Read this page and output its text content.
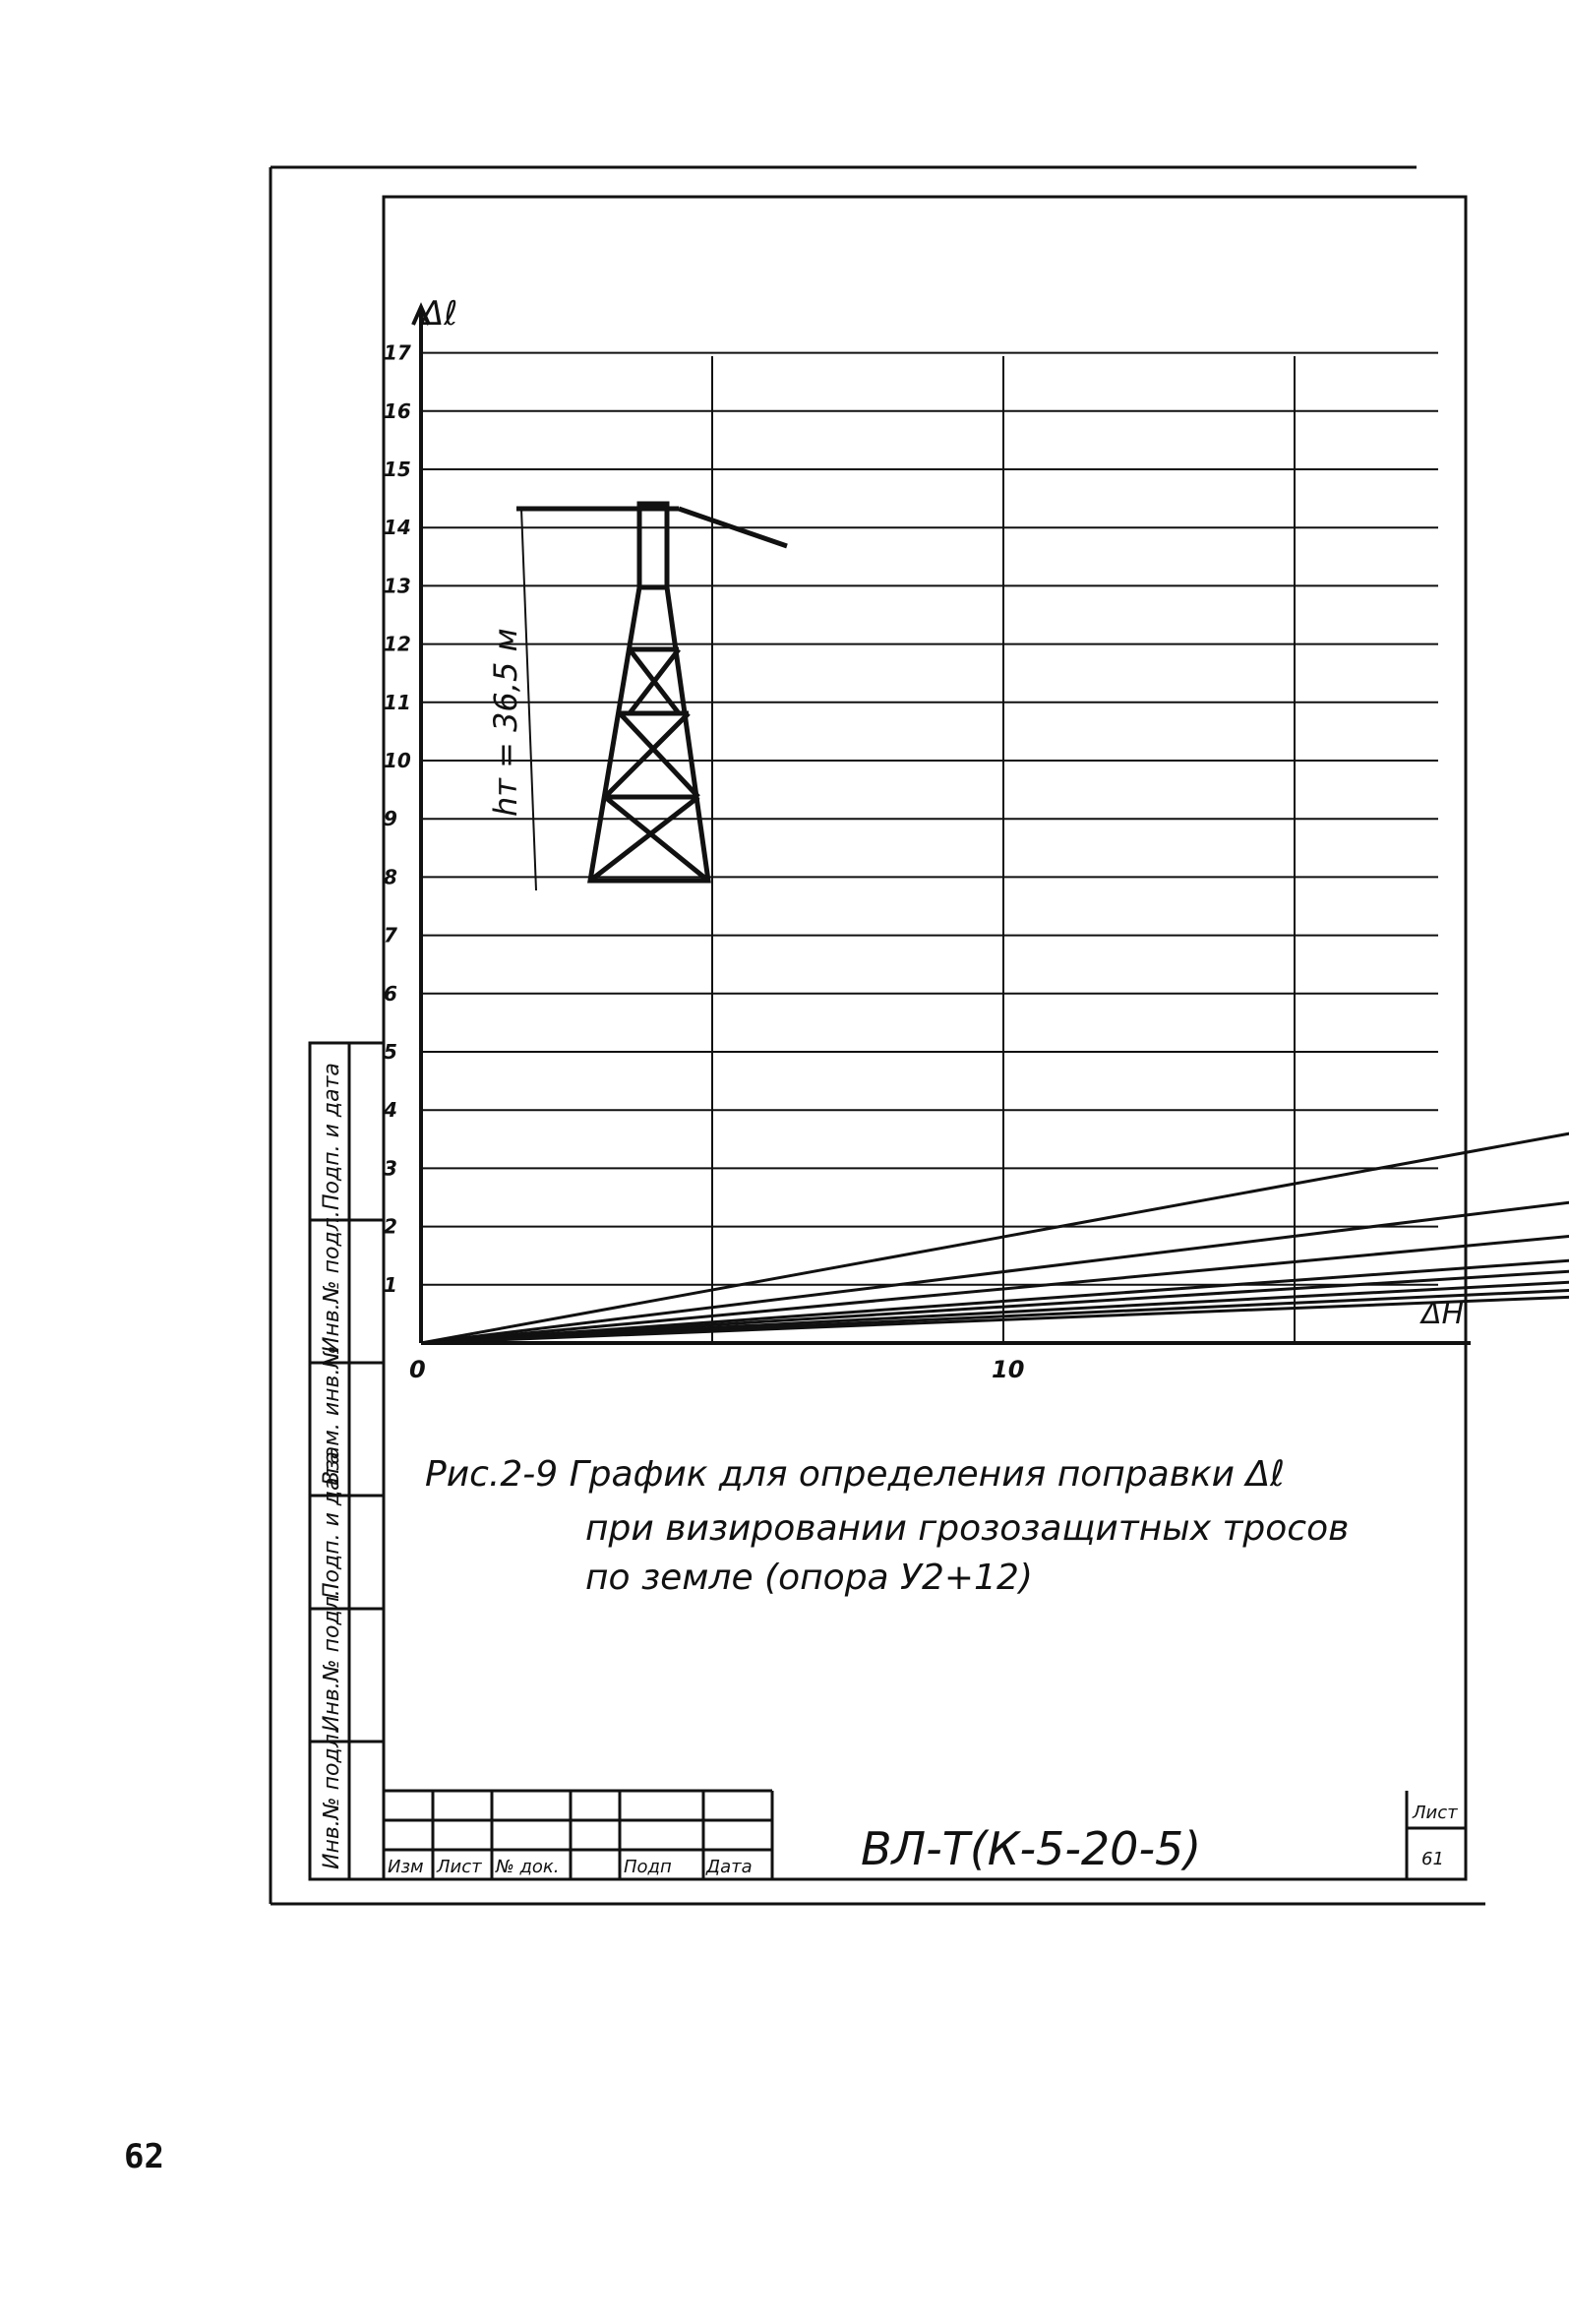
Подп. и дата
Инв.№ подл.
Взам. инв.№
Подп. и дата
Инв.№ подл.
Инв.№ подл.
0	10
1
2
3
4
5
6
7
8
9
10
11
12
13
14
15
16
17
ΔH
Δℓ
hт = 36,5 м
Рис.2-9 График для определения поправки Δℓ
при визировании грозозащитных тросов
по земле (опора У2+12)
Изм Лист № док.	Подп Дата
Лист
61
ВЛ-Т(К-5-20-5)
62
